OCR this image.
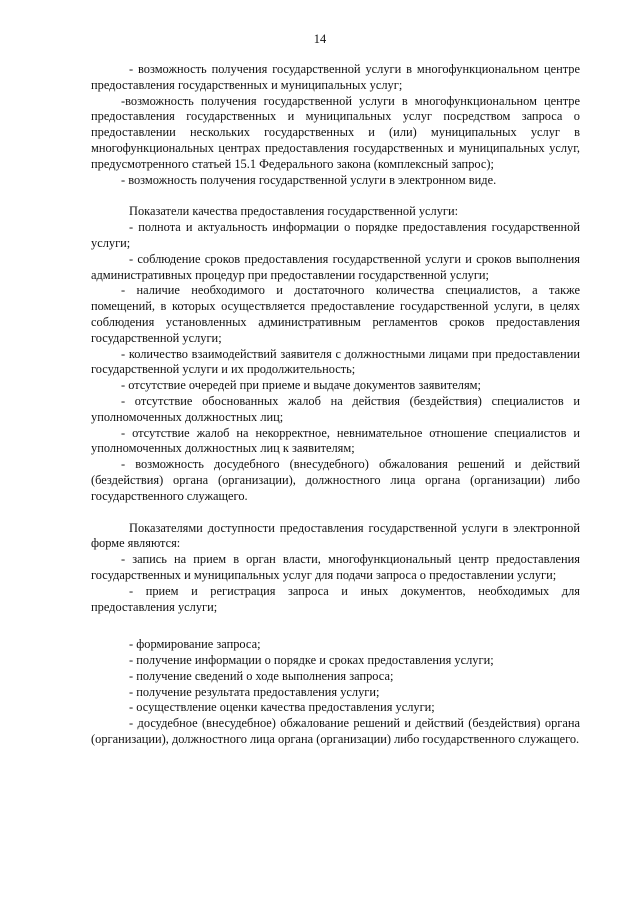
14

- возможность получения государственной услуги в многофункциональном центре предоставления государственных и муниципальных услуг;

-возможность получения государственной услуги в многофункциональном центре предоставления государственных и муниципальных услуг посредством запроса о предоставлении нескольких государственных и (или) муниципальных услуг в многофункциональных центрах предоставления государственных и муниципальных услуг, предусмотренного статьей 15.1 Федерального закона (комплексный запрос);

- возможность получения государственной услуги в электронном виде.

Показатели качества предоставления государственной услуги:

- полнота и актуальность информации о порядке предоставления государственной услуги;

- соблюдение сроков предоставления государственной услуги и сроков выполнения административных процедур при предоставлении государственной услуги;

- наличие необходимого и достаточного количества специалистов, а также помещений, в которых осуществляется предоставление государственной услуги, в целях соблюдения установленных административным регламентов сроков предоставления государственной услуги;

- количество взаимодействий заявителя с должностными лицами при предоставлении государственной услуги и их продолжительность;

- отсутствие очередей при приеме и выдаче документов заявителям;

- отсутствие обоснованных жалоб на действия (бездействия) специалистов и уполномоченных должностных лиц;

- отсутствие жалоб на некорректное, невнимательное отношение специалистов и уполномоченных должностных лиц к заявителям;

- возможность досудебного (внесудебного) обжалования решений и действий (бездействия) органа (организации), должностного лица органа (организации) либо государственного служащего.

Показателями доступности предоставления государственной услуги в электронной форме являются:

- запись на прием в орган власти, многофункциональный центр предоставления государственных и муниципальных услуг для подачи запроса о предоставлении услуги;

- прием и регистрация запроса и иных документов, необходимых для предоставления услуги;

- формирование запроса;

- получение информации о порядке и сроках предоставления услуги;

- получение сведений о ходе выполнения запроса;

- получение результата предоставления услуги;

- осуществление оценки качества предоставления услуги;

- досудебное (внесудебное) обжалование решений и действий (бездействия) органа (организации), должностного лица органа (организации) либо государственного служащего.
